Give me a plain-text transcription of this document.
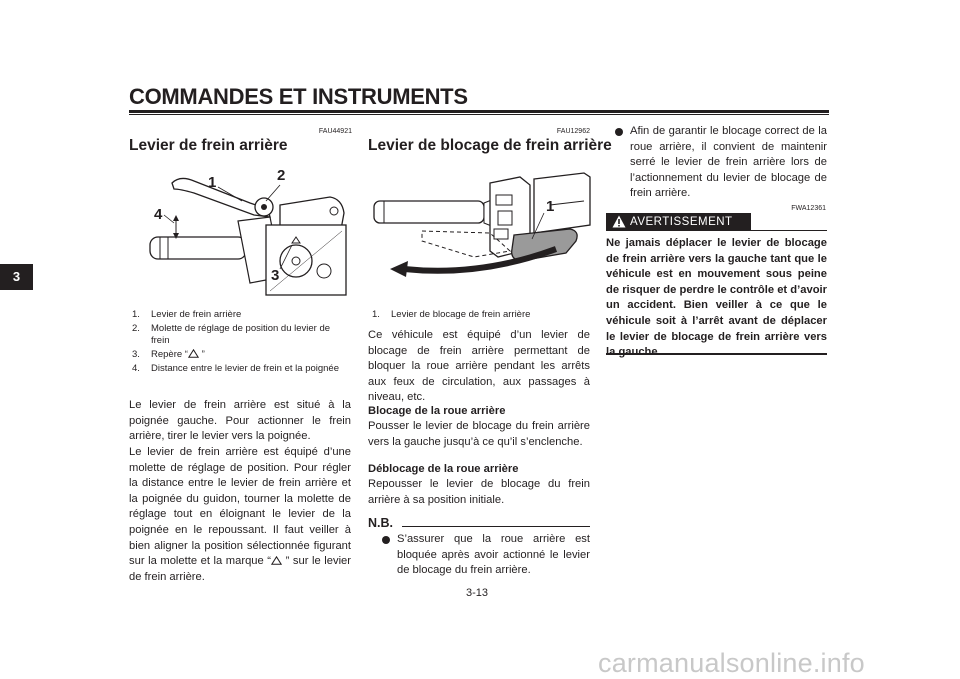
COMMANDES ET INSTRUMENTS
3
FAU44921
Levier de frein arrière
1	2
3
4
1. Levier de frein arrière
2. Molette de réglage de position du levier de frein
3. Repère “ ”
4. Distance entre le levier de frein et la poignée
Le levier de frein arrière est situé à la poignée gauche. Pour actionner le frein arrière, tirer le levier vers la poignée.
Le levier de frein arrière est équipé d’une molette de réglage de position. Pour régler la distance entre le levier de frein arrière et la poignée du guidon, tourner la molette de réglage tout en éloignant le levier de la poignée en le repoussant. Il faut veiller à bien aligner la position sélectionnée figurant sur la molette et la marque “ ” sur le levier de frein arrière.
FAU12962
Levier de blocage de frein arrière
1
1. Levier de blocage de frein arrière
Ce véhicule est équipé d’un levier de blocage de frein arrière permettant de bloquer la roue arrière pendant les arrêts aux feux de circulation, aux passages à niveau, etc.
Blocage de la roue arrière
Pousser le levier de blocage du frein arrière vers la gauche jusqu’à ce qu’il s’enclenche.
Déblocage de la roue arrière
Repousser le levier de blocage du frein arrière à sa position initiale.
N.B.
S’assurer que la roue arrière est bloquée après avoir actionné le levier de blocage du frein arrière.
Afin de garantir le blocage correct de la roue arrière, il convient de maintenir serré le levier de frein arrière lors de l’actionnement du levier de blocage de frein arrière.
FWA12361
AVERTISSEMENT
Ne jamais déplacer le levier de blocage de frein arrière vers la gauche tant que le véhicule est en mouvement sous peine de risquer de perdre le contrôle et d’avoir un accident. Bien veiller à ce que le véhicule soit à l’arrêt avant de déplacer le levier de blocage de frein arrière vers
3-13
carmanualsonline.info
